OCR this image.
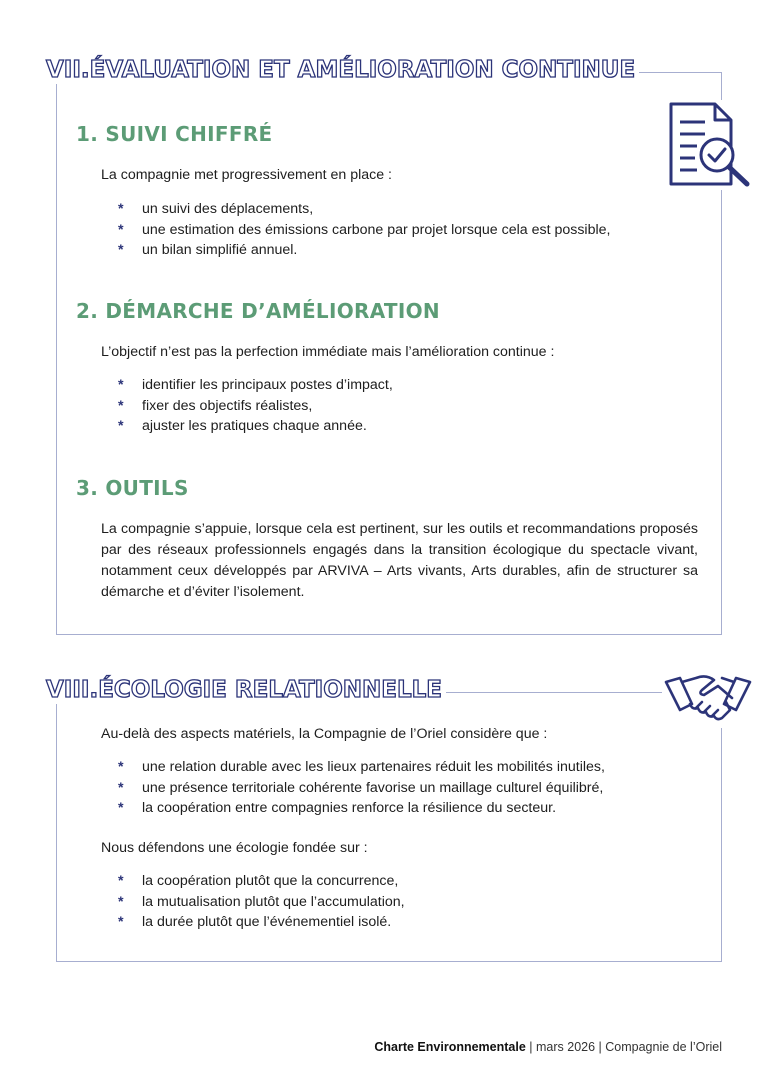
VII.ÉVALUATION ET AMÉLIORATION CONTINUE
1. SUIVI CHIFFRÉ
La compagnie met progressivement en place :
* un suivi des déplacements,
* une estimation des émissions carbone par projet lorsque cela est possible,
* un bilan simplifié annuel.
2. DÉMARCHE D’AMÉLIORATION
L’objectif n’est pas la perfection immédiate mais l’amélioration continue :
* identifier les principaux postes d’impact,
* fixer des objectifs réalistes,
* ajuster les pratiques chaque année.
3. OUTILS
La compagnie s’appuie, lorsque cela est pertinent, sur les outils et recommandations proposés par des réseaux professionnels engagés dans la transition écologique du spectacle vivant, notamment ceux développés par ARVIVA – Arts vivants, Arts durables, afin de structurer sa démarche et d’éviter l’isolement.
VIII.ÉCOLOGIE RELATIONNELLE
Au-delà des aspects matériels, la Compagnie de l’Oriel considère que :
* une relation durable avec les lieux partenaires réduit les mobilités inutiles,
* une présence territoriale cohérente favorise un maillage culturel équilibré,
* la coopération entre compagnies renforce la résilience du secteur.
Nous défendons une écologie fondée sur :
* la coopération plutôt que la concurrence,
* la mutualisation plutôt que l’accumulation,
* la durée plutôt que l’événementiel isolé.
Charte Environnementale | mars 2026 | Compagnie de l’Oriel
